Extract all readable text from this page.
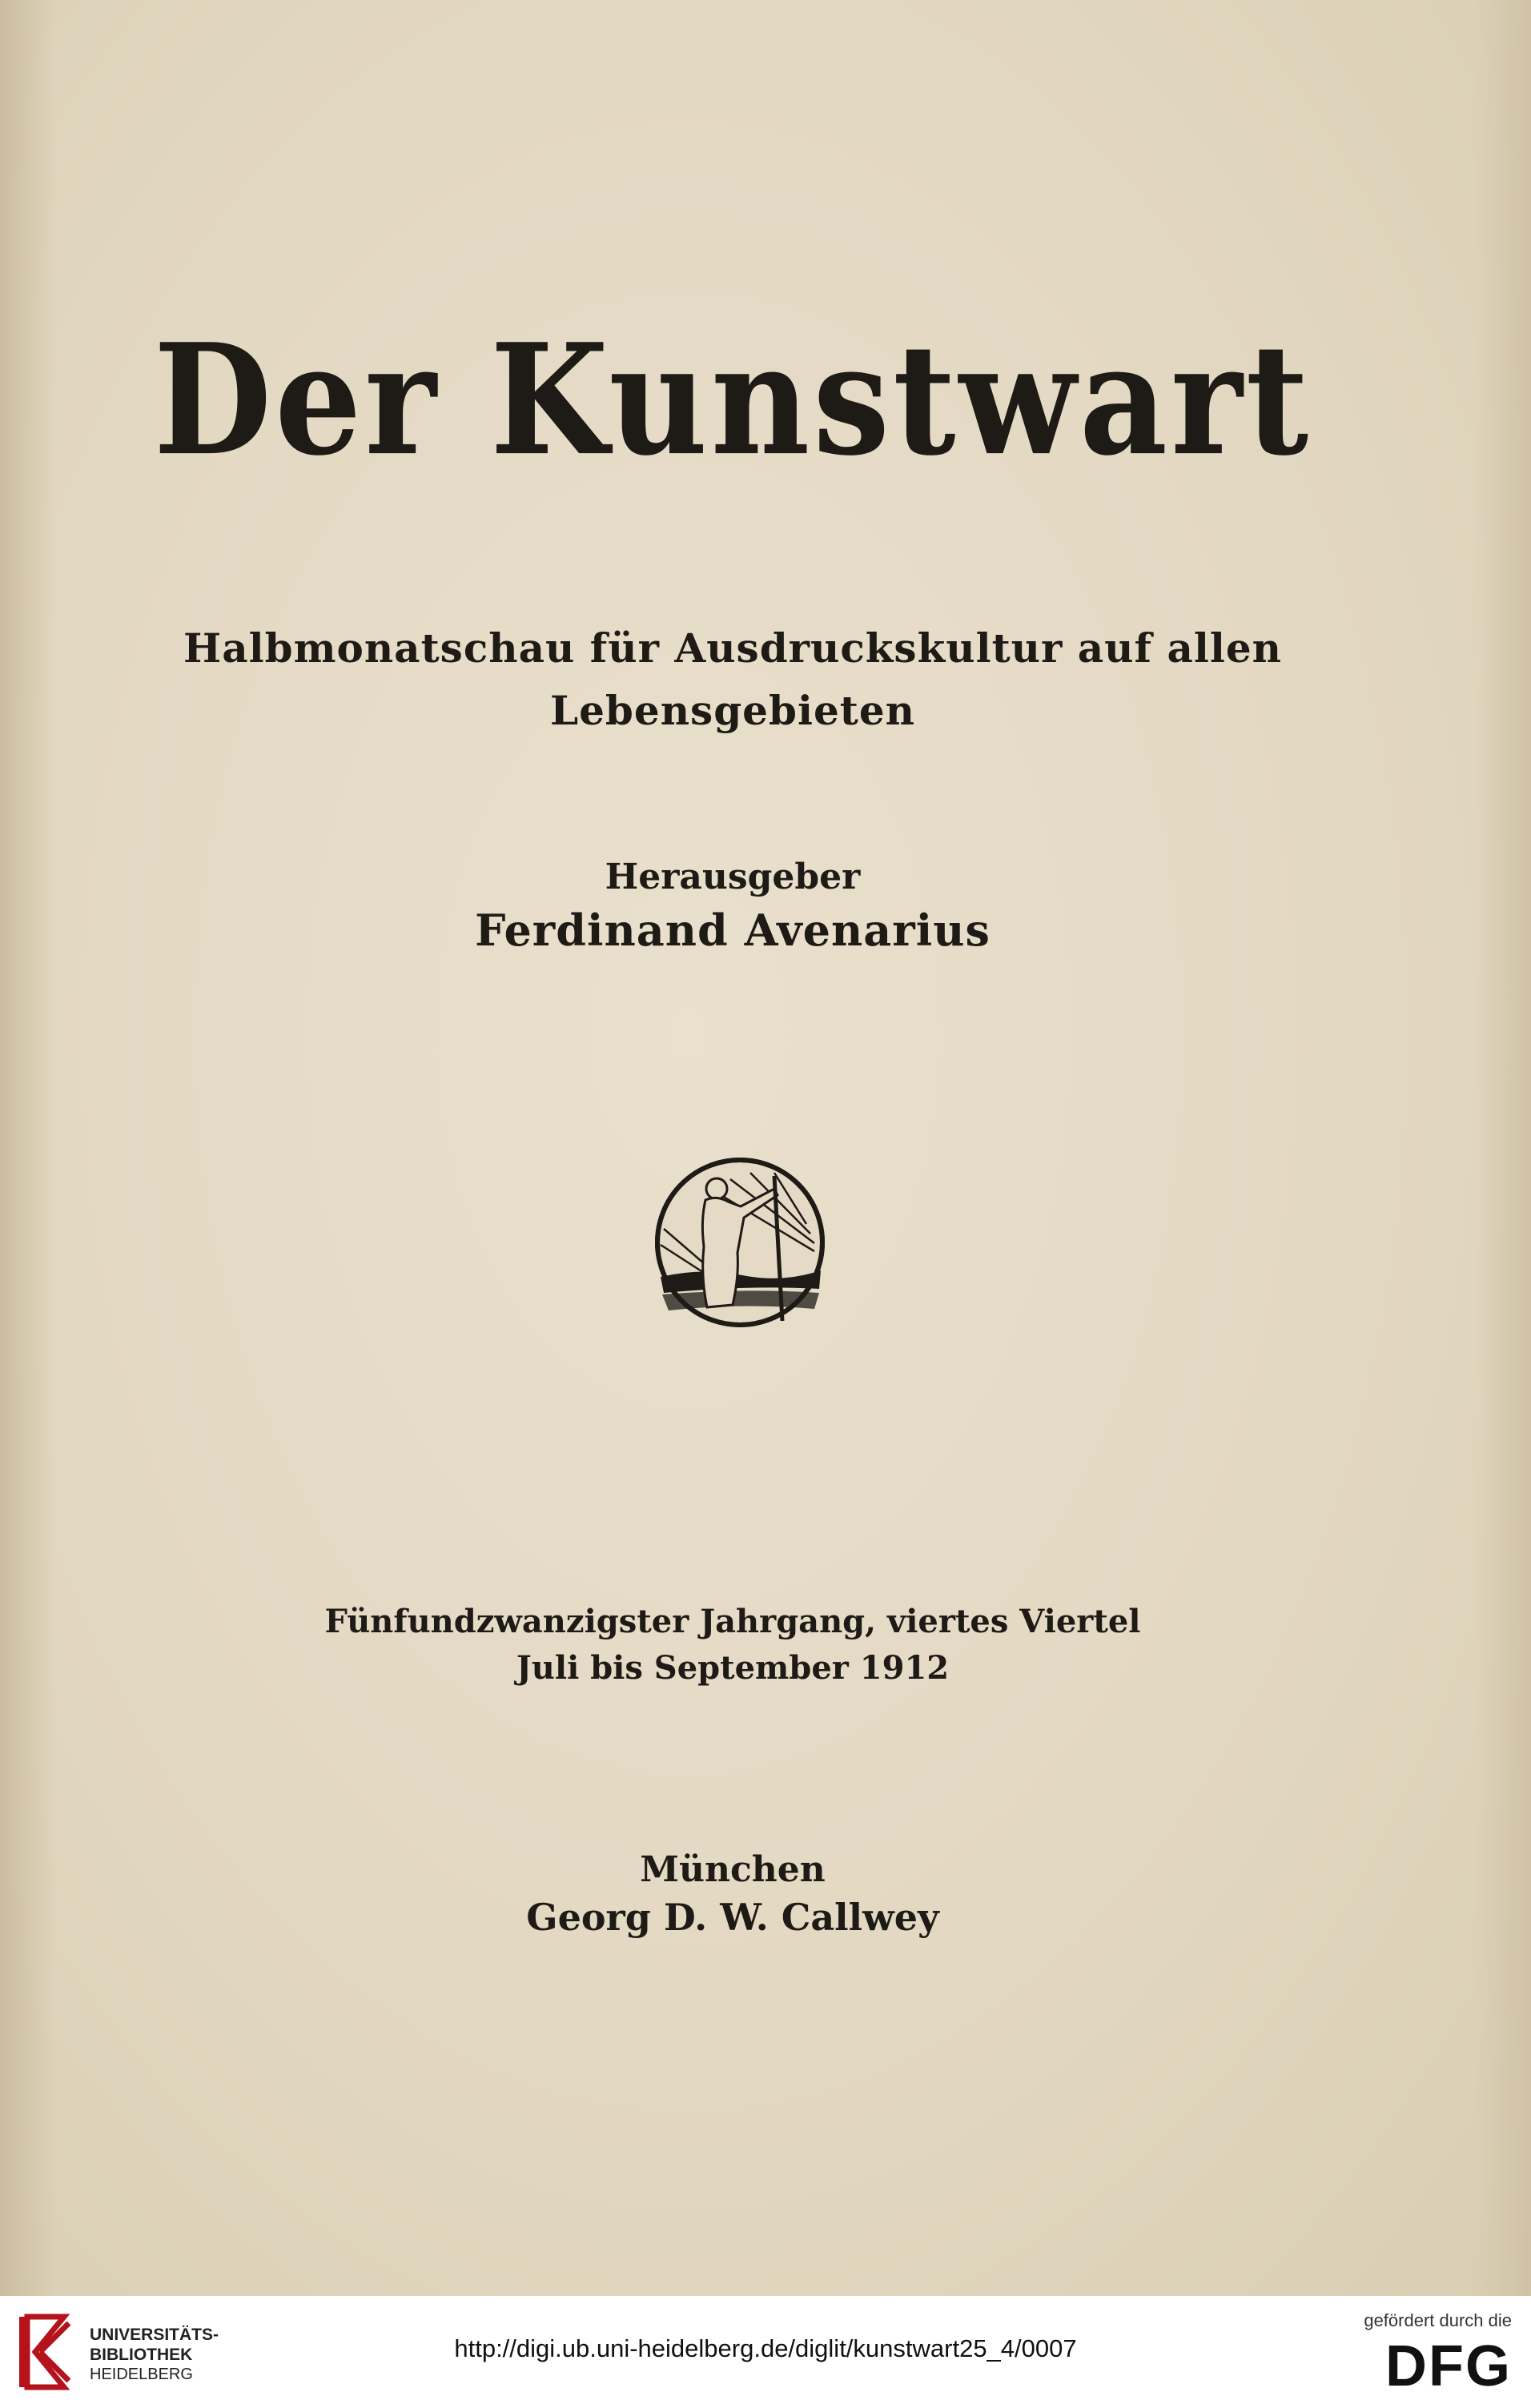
Der Kunstwart
Halbmonatschau für Ausdruckskultur auf allen
Lebensgebieten
Herausgeber
Ferdinand Avenarius
Fünfundzwanzigster Jahrgang, viertes Viertel
Juli bis September 1912
München
Georg D. W. Callwey
UNIVERSITÄTS-
BIBLIOTHEK
HEIDELBERG
http://digi.ub.uni-heidelberg.de/diglit/kunstwart25_4/0007
gefördert durch die
DFG
